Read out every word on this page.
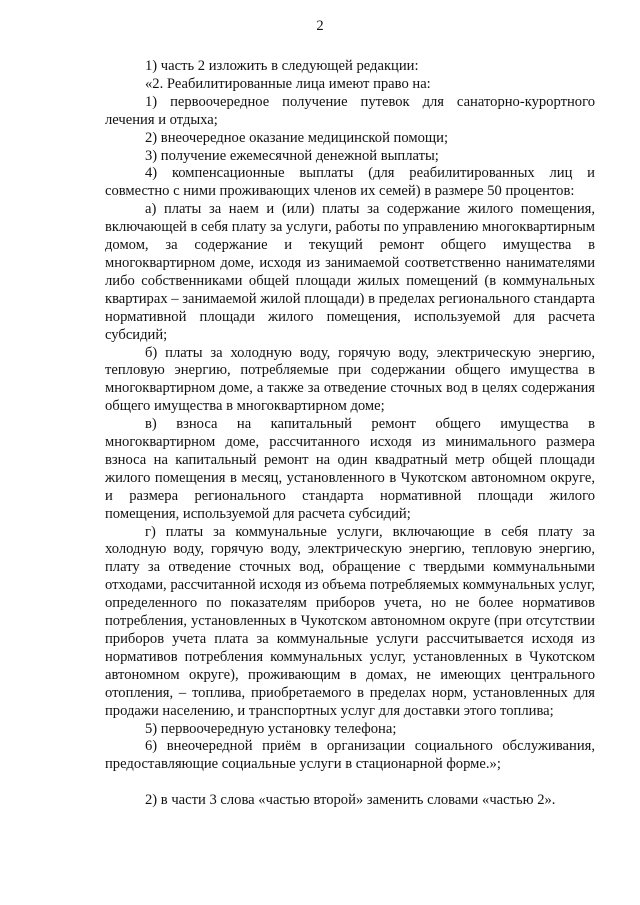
2

1) часть 2 изложить в следующей редакции:

«2. Реабилитированные лица имеют право на:

1) первоочередное получение путевок для санаторно-курортного лечения и отдыха;

2) внеочередное оказание медицинской помощи;

3) получение ежемесячной денежной выплаты;

4) компенсационные выплаты (для реабилитированных лиц и совместно с ними проживающих членов их семей) в размере 50 процентов:

а) платы за наем и (или) платы за содержание жилого помещения, включающей в себя плату за услуги, работы по управлению многоквартирным домом, за содержание и текущий ремонт общего имущества в многоквартирном доме, исходя из занимаемой соответственно нанимателями либо собственниками общей площади жилых помещений (в коммунальных квартирах – занимаемой жилой площади) в пределах регионального стандарта нормативной площади жилого помещения, используемой для расчета субсидий;

б) платы за холодную воду, горячую воду, электрическую энергию, тепловую энергию, потребляемые при содержании общего имущества в многоквартирном доме, а также за отведение сточных вод в целях содержания общего имущества в многоквартирном доме;

в) взноса на капитальный ремонт общего имущества в многоквартирном доме, рассчитанного исходя из минимального размера взноса на капитальный ремонт на один квадратный метр общей площади жилого помещения в месяц, установленного в Чукотском автономном округе, и размера регионального стандарта нормативной площади жилого помещения, используемой для расчета субсидий;

г) платы за коммунальные услуги, включающие в себя плату за холодную воду, горячую воду, электрическую энергию, тепловую энергию, плату за отведение сточных вод, обращение с твердыми коммунальными отходами, рассчитанной исходя из объема потребляемых коммунальных услуг, определенного по показателям приборов учета, но не более нормативов потребления, установленных в Чукотском автономном округе (при отсутствии приборов учета плата за коммунальные услуги рассчитывается исходя из нормативов потребления коммунальных услуг, установленных в Чукотском автономном округе), проживающим в домах, не имеющих центрального отопления, – топлива, приобретаемого в пределах норм, установленных для продажи населению, и транспортных услуг для доставки этого топлива;

5) первоочередную установку телефона;

6) внеочередной приём в организации социального обслуживания, предоставляющие социальные услуги в стационарной форме.»;

2) в части 3 слова «частью второй» заменить словами «частью 2».
